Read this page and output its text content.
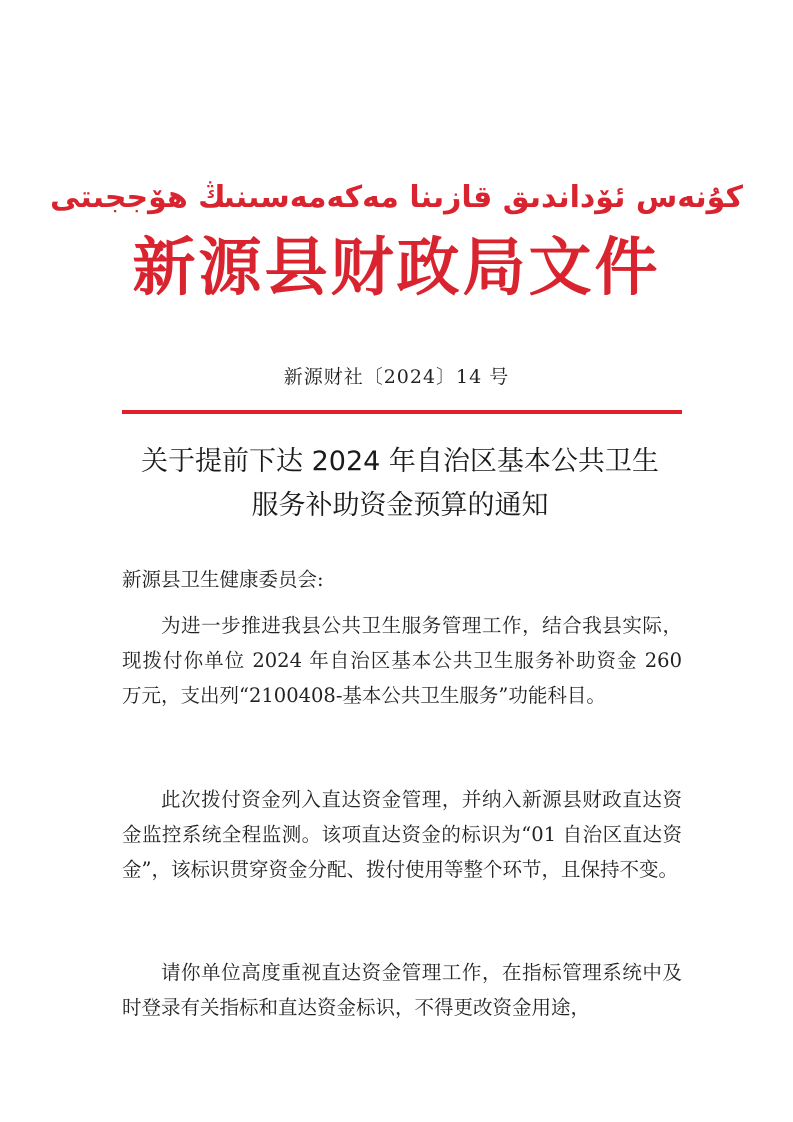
كۇنەس ئۆداندىق قازىنا مەكەمەسىنىڭ ھۆججىتى
新源县财政局文件
新源财社〔2024〕14 号
关于提前下达 2024 年自治区基本公共卫生
服务补助资金预算的通知
新源县卫生健康委员会:
为进一步推进我县公共卫生服务管理工作，结合我县实际，现拨付你单位 2024 年自治区基本公共卫生服务补助资金 260 万元，支出列“2100408-基本公共卫生服务”功能科目。
此次拨付资金列入直达资金管理，并纳入新源县财政直达资金监控系统全程监测。该项直达资金的标识为“01 自治区直达资金”，该标识贯穿资金分配、拨付使用等整个环节，且保持不变。
请你单位高度重视直达资金管理工作，在指标管理系统中及时登录有关指标和直达资金标识，不得更改资金用途，
